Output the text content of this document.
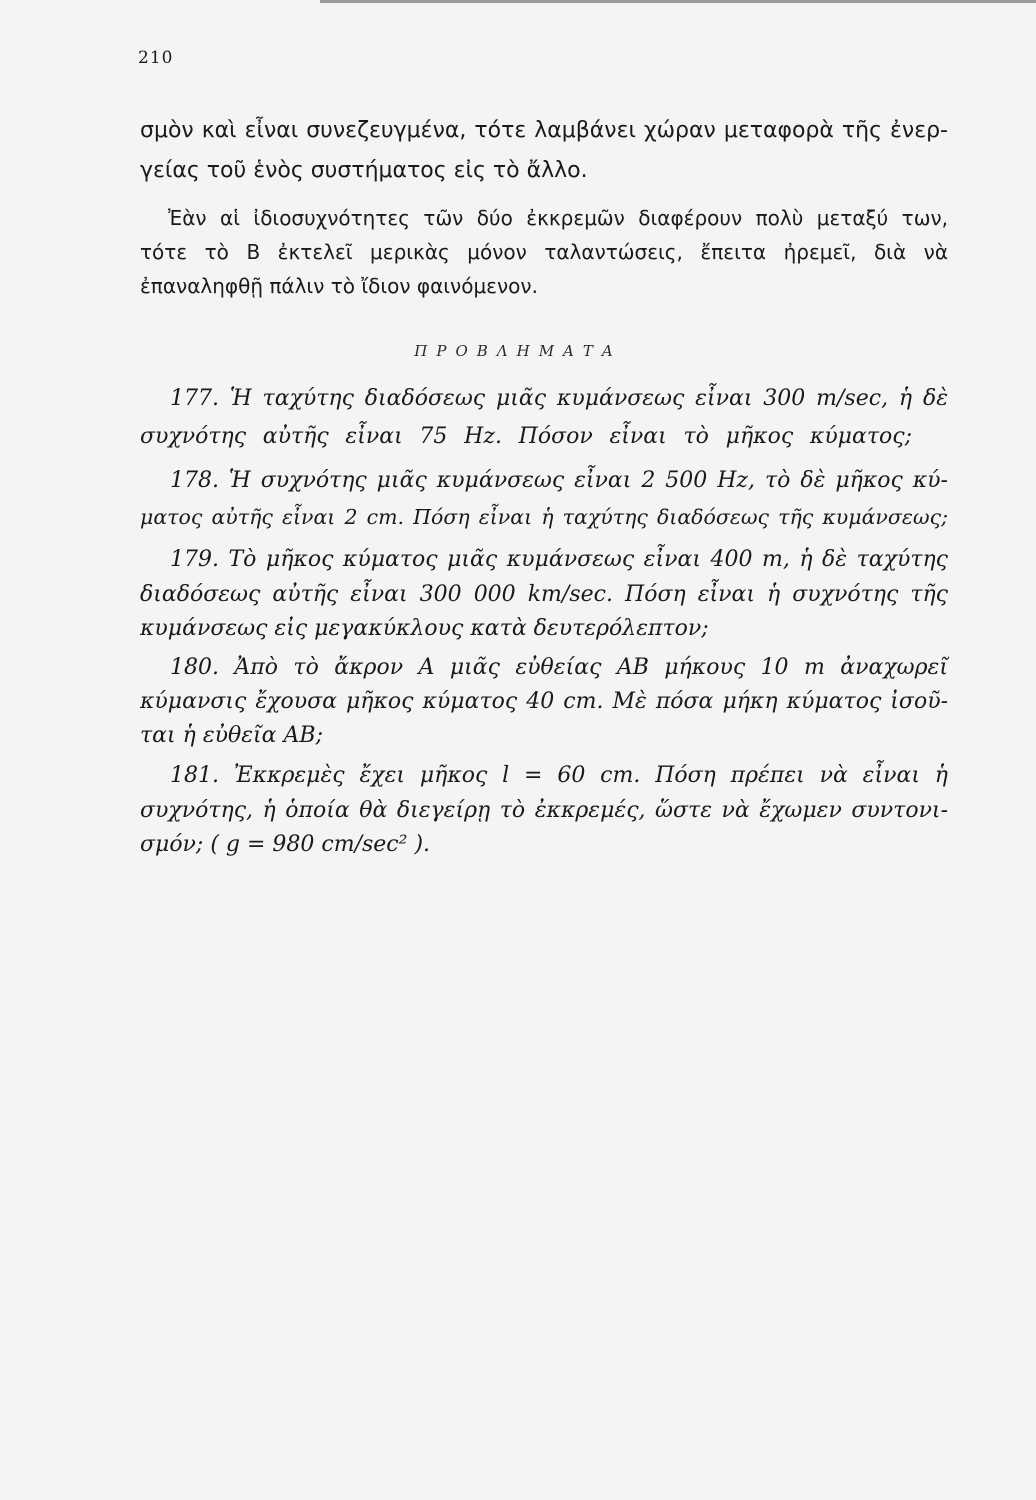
210
σμὸν καὶ εἶναι συνεζευγμένα, τότε λαμβάνει χώραν μεταφορὰ τῆς ἐνερ-
γείας τοῦ ἑνὸς συστήματος εἰς τὸ ἄλλο.
Ἐὰν αἱ ἰδιοσυχνότητες τῶν δύο ἐκκρεμῶν διαφέρουν πολὺ μεταξύ των,
τότε τὸ Β ἐκτελεῖ μερικὰς μόνον ταλαντώσεις, ἔπειτα ἠρεμεῖ, διὰ νὰ
ἐπαναληφθῇ πάλιν τὸ ἴδιον φαινόμενον.
ΠΡΟΒΛΗΜΑΤΑ
177. Ἡ ταχύτης διαδόσεως μιᾶς κυμάνσεως εἶναι 300 m/sec, ἡ δὲ
συχνότης αὐτῆς εἶναι 75 Hz. Πόσον εἶναι τὸ μῆκος κύματος;
178. Ἡ συχνότης μιᾶς κυμάνσεως εἶναι 2 500 Hz, τὸ δὲ μῆκος κύ-
ματος αὐτῆς εἶναι 2 cm. Πόση εἶναι ἡ ταχύτης διαδόσεως τῆς κυμάνσεως;
179. Τὸ μῆκος κύματος μιᾶς κυμάνσεως εἶναι 400 m, ἡ δὲ ταχύτης
διαδόσεως αὐτῆς εἶναι 300 000 km/sec. Πόση εἶναι ἡ συχνότης τῆς
κυμάνσεως εἰς μεγακύκλους κατὰ δευτερόλεπτον;
180. Ἀπὸ τὸ ἄκρον Α μιᾶς εὐθείας ΑΒ μήκους 10 m ἀναχωρεῖ
κύμανσις ἔχουσα μῆκος κύματος 40 cm. Μὲ πόσα μήκη κύματος ἰσοῦ-
ται ἡ εὐθεῖα ΑΒ;
181. Ἐκκρεμὲς ἔχει μῆκος l = 60 cm. Πόση πρέπει νὰ εἶναι ἡ
συχνότης, ἡ ὁποία θὰ διεγείρῃ τὸ ἐκκρεμές, ὥστε νὰ ἔχωμεν συντονι-
σμόν; ( g = 980 cm/sec² ).
